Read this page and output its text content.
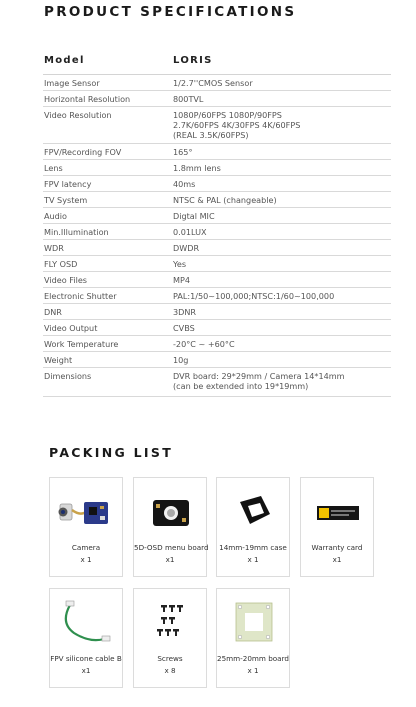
PRODUCT SPECIFICATIONS
Model	LORIS
Image Sensor	1/2.7''CMOS Sensor
Horizontal Resolution	800TVL
Video Resolution	1080P/60FPS 1080P/90FPS
2.7K/60FPS 4K/30FPS 4K/60FPS
(REAL 3.5K/60FPS)
FPV/Recording FOV	165°
Lens	1.8mm lens
FPV latency	40ms
TV System	NTSC & PAL (changeable)
Audio	Digtal MIC
Min.Illumination	0.01LUX
WDR	DWDR
FLY OSD	Yes
Video Files	MP4
Electronic Shutter	PAL:1/50~100,000;NTSC:1/60~100,000
DNR	3DNR
Video Output	CVBS
Work Temperature	-20°C ~ +60°C
Weight	10g
Dimensions	DVR board: 29*29mm / Camera 14*14mm
(can be extended into 19*19mm)
PACKING LIST
Camera
x 1
5D-OSD menu board
x1
14mm-19mm case
x 1
Warranty card
x1
FPV silicone cable B
x1
Screws
x 8
25mm-20mm board
x 1
